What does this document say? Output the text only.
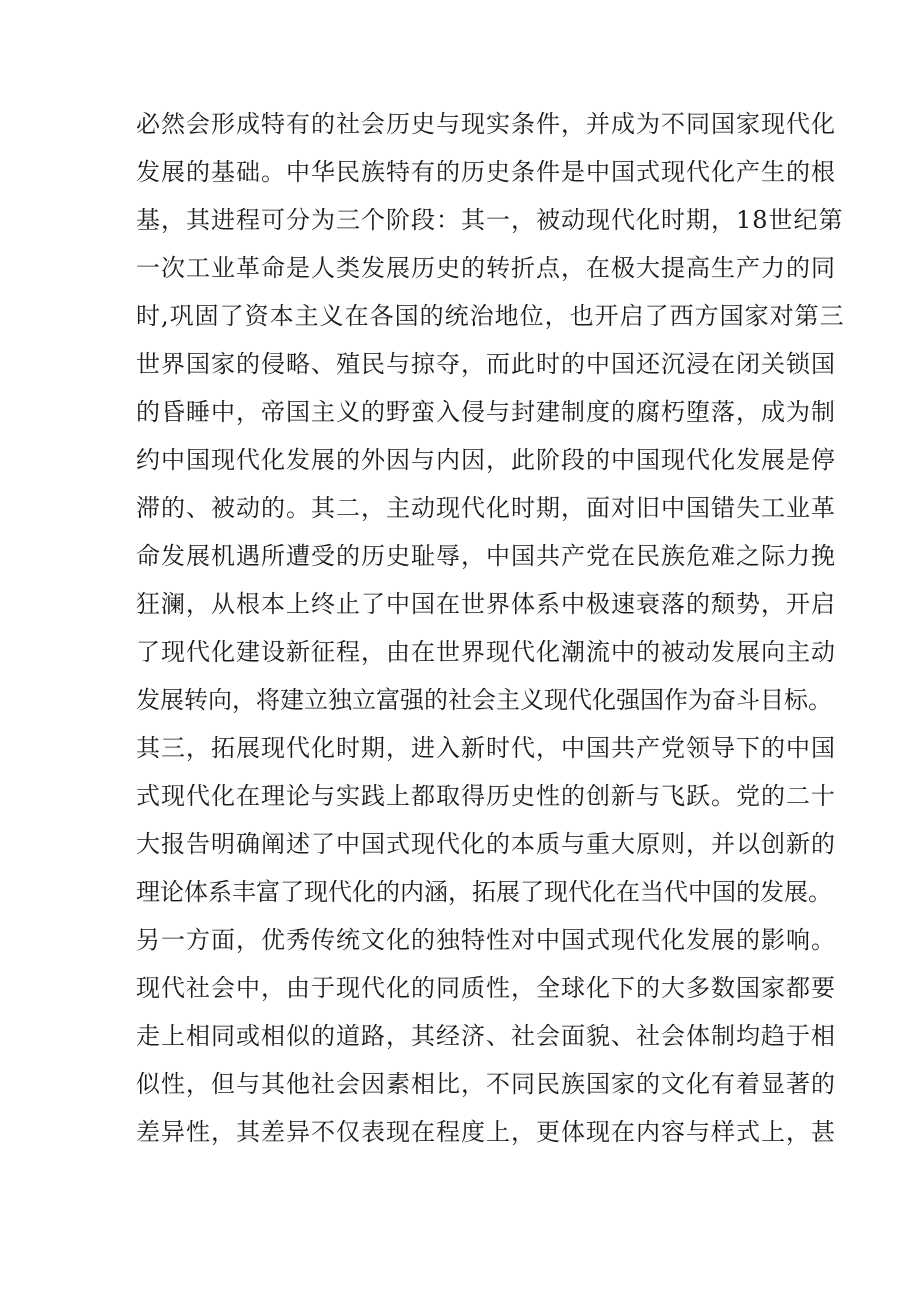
必然会形成特有的社会历史与现实条件，并成为不同国家现代化
发展的基础。中华民族特有的历史条件是中国式现代化产生的根
基，其进程可分为三个阶段：其一，被动现代化时期，18世纪第
一次工业革命是人类发展历史的转折点，在极大提高生产力的同
时,巩固了资本主义在各国的统治地位，也开启了西方国家对第三
世界国家的侵略、殖民与掠夺，而此时的中国还沉浸在闭关锁国
的昏睡中，帝国主义的野蛮入侵与封建制度的腐朽堕落，成为制
约中国现代化发展的外因与内因，此阶段的中国现代化发展是停
滞的、被动的。其二，主动现代化时期，面对旧中国错失工业革
命发展机遇所遭受的历史耻辱，中国共产党在民族危难之际力挽
狂澜，从根本上终止了中国在世界体系中极速衰落的颓势，开启
了现代化建设新征程，由在世界现代化潮流中的被动发展向主动
发展转向，将建立独立富强的社会主义现代化强国作为奋斗目标。
其三，拓展现代化时期，进入新时代，中国共产党领导下的中国
式现代化在理论与实践上都取得历史性的创新与飞跃。党的二十
大报告明确阐述了中国式现代化的本质与重大原则，并以创新的
理论体系丰富了现代化的内涵，拓展了现代化在当代中国的发展。
另一方面，优秀传统文化的独特性对中国式现代化发展的影响。
现代社会中，由于现代化的同质性，全球化下的大多数国家都要
走上相同或相似的道路，其经济、社会面貌、社会体制均趋于相
似性，但与其他社会因素相比，不同民族国家的文化有着显著的
差异性，其差异不仅表现在程度上，更体现在内容与样式上，甚
